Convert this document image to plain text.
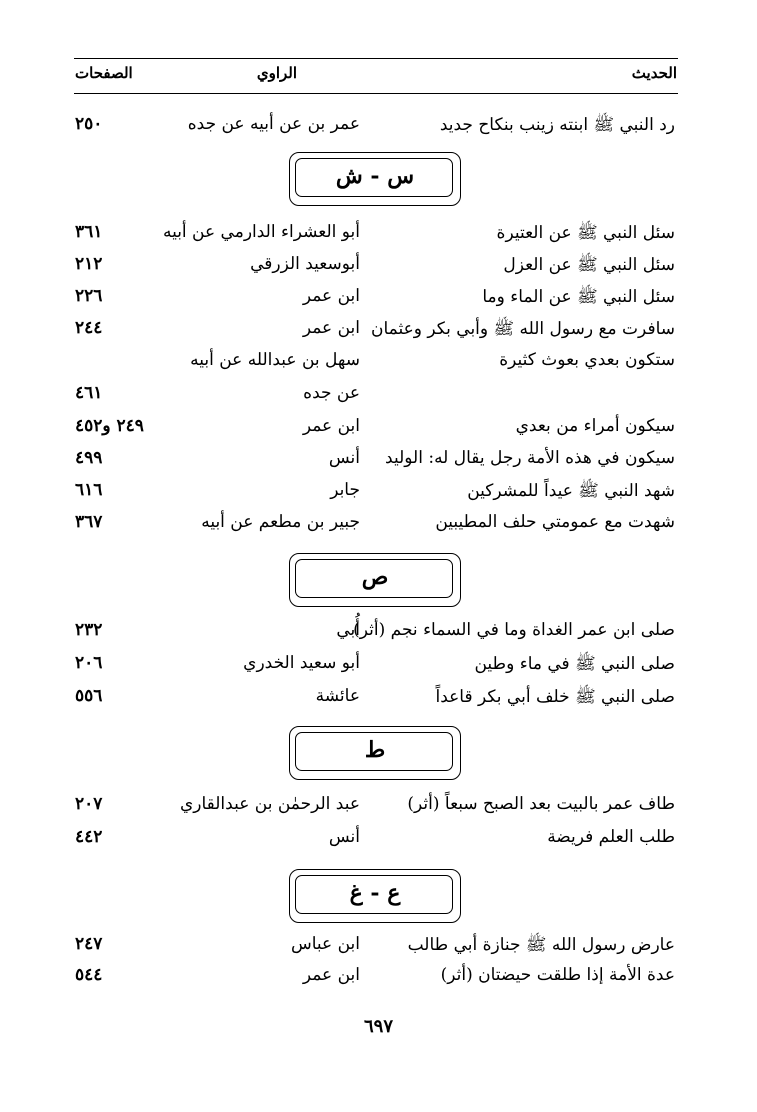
الحديث
الراوي
الصفحات
رد النبي ﷺ ابنته زينب بنكاح جديد
عمر بن عن أبيه عن جده
٢٥٠
س - ش
سئل النبي ﷺ عن العتيرة
أبو العشراء الدارمي عن أبيه
٣٦١
سئل النبي ﷺ عن العزل
أبوسعيد الزرقي
٢١٢
سئل النبي ﷺ عن الماء وما
ابن عمر
٢٢٦
سافرت مع رسول الله ﷺ وأبي بكر وعثمان
ابن عمر
٢٤٤
ستكون بعدي بعوث كثيرة
سهل بن عبدالله عن أبيه
عن جده
٤٦١
سيكون أمراء من بعدي
ابن عمر
٢٤٩ و٤٥٢
سيكون في هذه الأمة رجل يقال له: الوليد
أنس
٤٩٩
شهد النبي ﷺ عيداً للمشركين
جابر
٦١٦
شهدت مع عمومتي حلف المطيبين
جبير بن مطعم عن أبيه
٣٦٧
ص
صلى ابن عمر الغداة وما في السماء نجم (أثر)
أُبي
٢٣٢
صلى النبي ﷺ في ماء وطين
أبو سعيد الخدري
٢٠٦
صلى النبي ﷺ خلف أبي بكر قاعداً
عائشة
٥٥٦
ط
طاف عمر بالبيت بعد الصبح سبعاً (أثر)
عبد الرحمٰن بن عبدالقاري
٢٠٧
طلب العلم فريضة
أنس
٤٤٢
ع - غ
عارض رسول الله ﷺ جنازة أبي طالب
ابن عباس
٢٤٧
عدة الأمة إذا طلقت حيضتان (أثر)
ابن عمر
٥٤٤
٦٩٧
